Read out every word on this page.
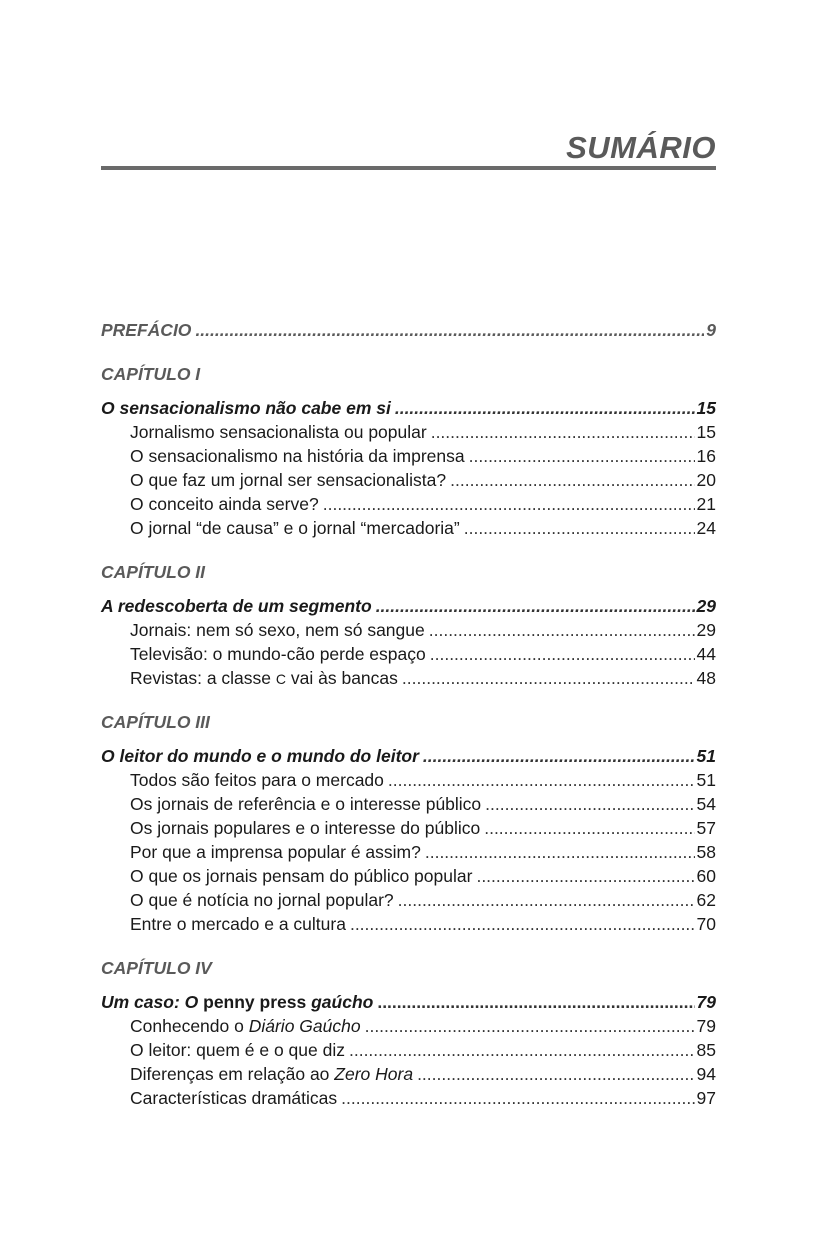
SUMÁRIO
PREFÁCIO .....	9
CAPÍTULO I
O sensacionalismo não cabe em si .....	15
Jornalismo sensacionalista ou popular .....	15
O sensacionalismo na história da imprensa .....	16
O que faz um jornal ser sensacionalista? .....	20
O conceito ainda serve? .....	21
O jornal “de causa” e o jornal “mercadoria” .....	24
CAPÍTULO II
A redescoberta de um segmento .....	29
Jornais: nem só sexo, nem só sangue .....	29
Televisão: o mundo-cão perde espaço .....	44
Revistas: a classe C vai às bancas .....	48
CAPÍTULO III
O leitor do mundo e o mundo do leitor .....	51
Todos são feitos para o mercado .....	51
Os jornais de referência e o interesse público .....	54
Os jornais populares e o interesse do público .....	57
Por que a imprensa popular é assim? .....	58
O que os jornais pensam do público popular .....	60
O que é notícia no jornal popular? .....	62
Entre o mercado e a cultura .....	70
CAPÍTULO IV
Um caso: O penny press gaúcho .....	79
Conhecendo o Diário Gaúcho .....	79
O leitor: quem é e o que diz .....	85
Diferenças em relação ao Zero Hora .....	94
Características dramáticas .....	97
